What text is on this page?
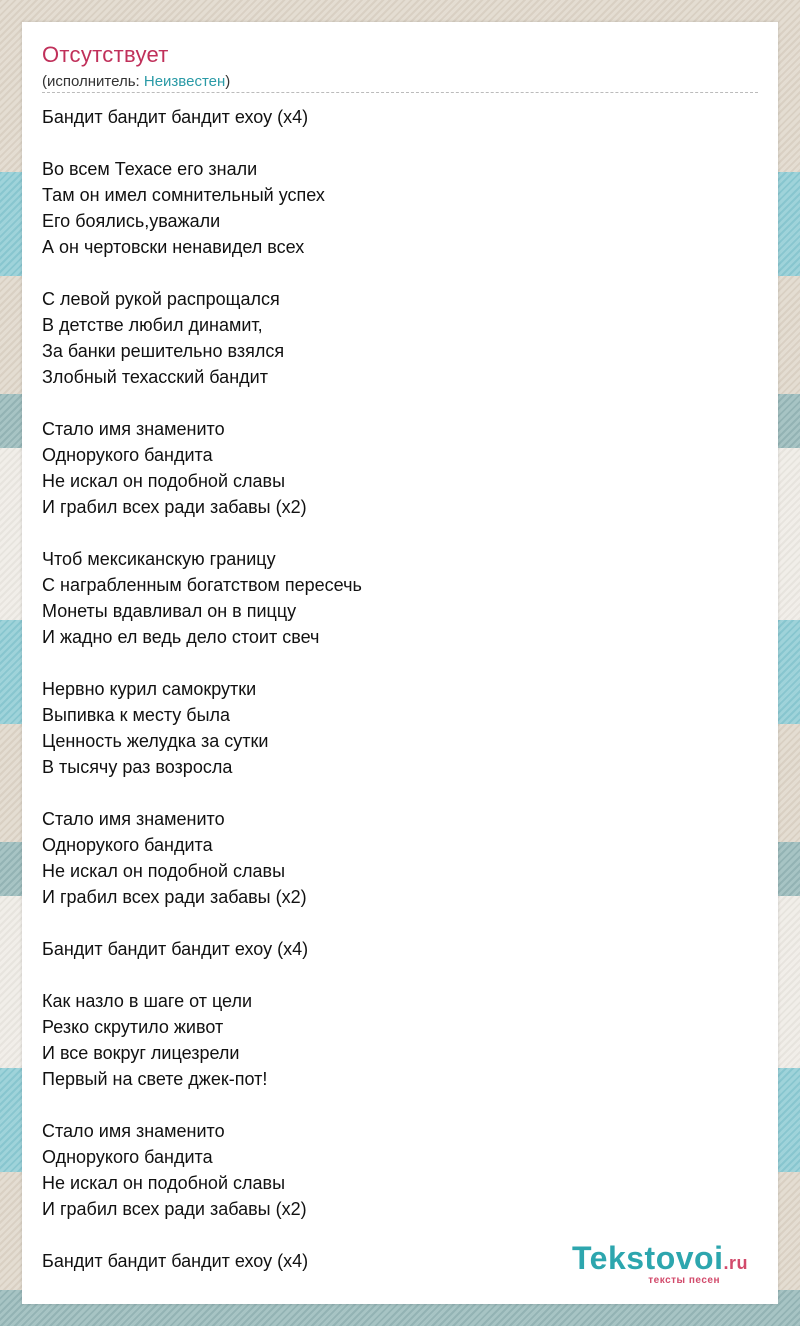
Отсутствует
(исполнитель: Неизвестен)
Бандит бандит бандит ехоу (x4)
Во всем Техасе его знали
Там он имел сомнительный успех
Его боялись,уважали
А он чертовски ненавидел всех
С левой рукой распрощался
В детстве любил динамит,
За банки решительно взялся
Злобный техасский бандит
Стало имя знаменито
Однорукого бандита
Не искал он подобной славы
И грабил всех ради забавы (x2)
Чтоб мексиканскую границу
С награбленным богатством пересечь
Монеты вдавливал он в пиццу
И жадно ел ведь дело стоит свеч
Нервно курил самокрутки
Выпивка к месту была
Ценность желудка за сутки
В тысячу раз возросла
Стало имя знаменито
Однорукого бандита
Не искал он подобной славы
И грабил всех ради забавы (x2)
Бандит бандит бандит ехоу (x4)
Как назло в шаге от цели
Резко скрутило живот
И все вокруг лицезрели
Первый на свете джек-пот!
Стало имя знаменито
Однорукого бандита
Не искал он подобной славы
И грабил всех ради забавы (x2)
Бандит бандит бандит ехоу (x4)	Tekstovoi.ru
тексты песен
